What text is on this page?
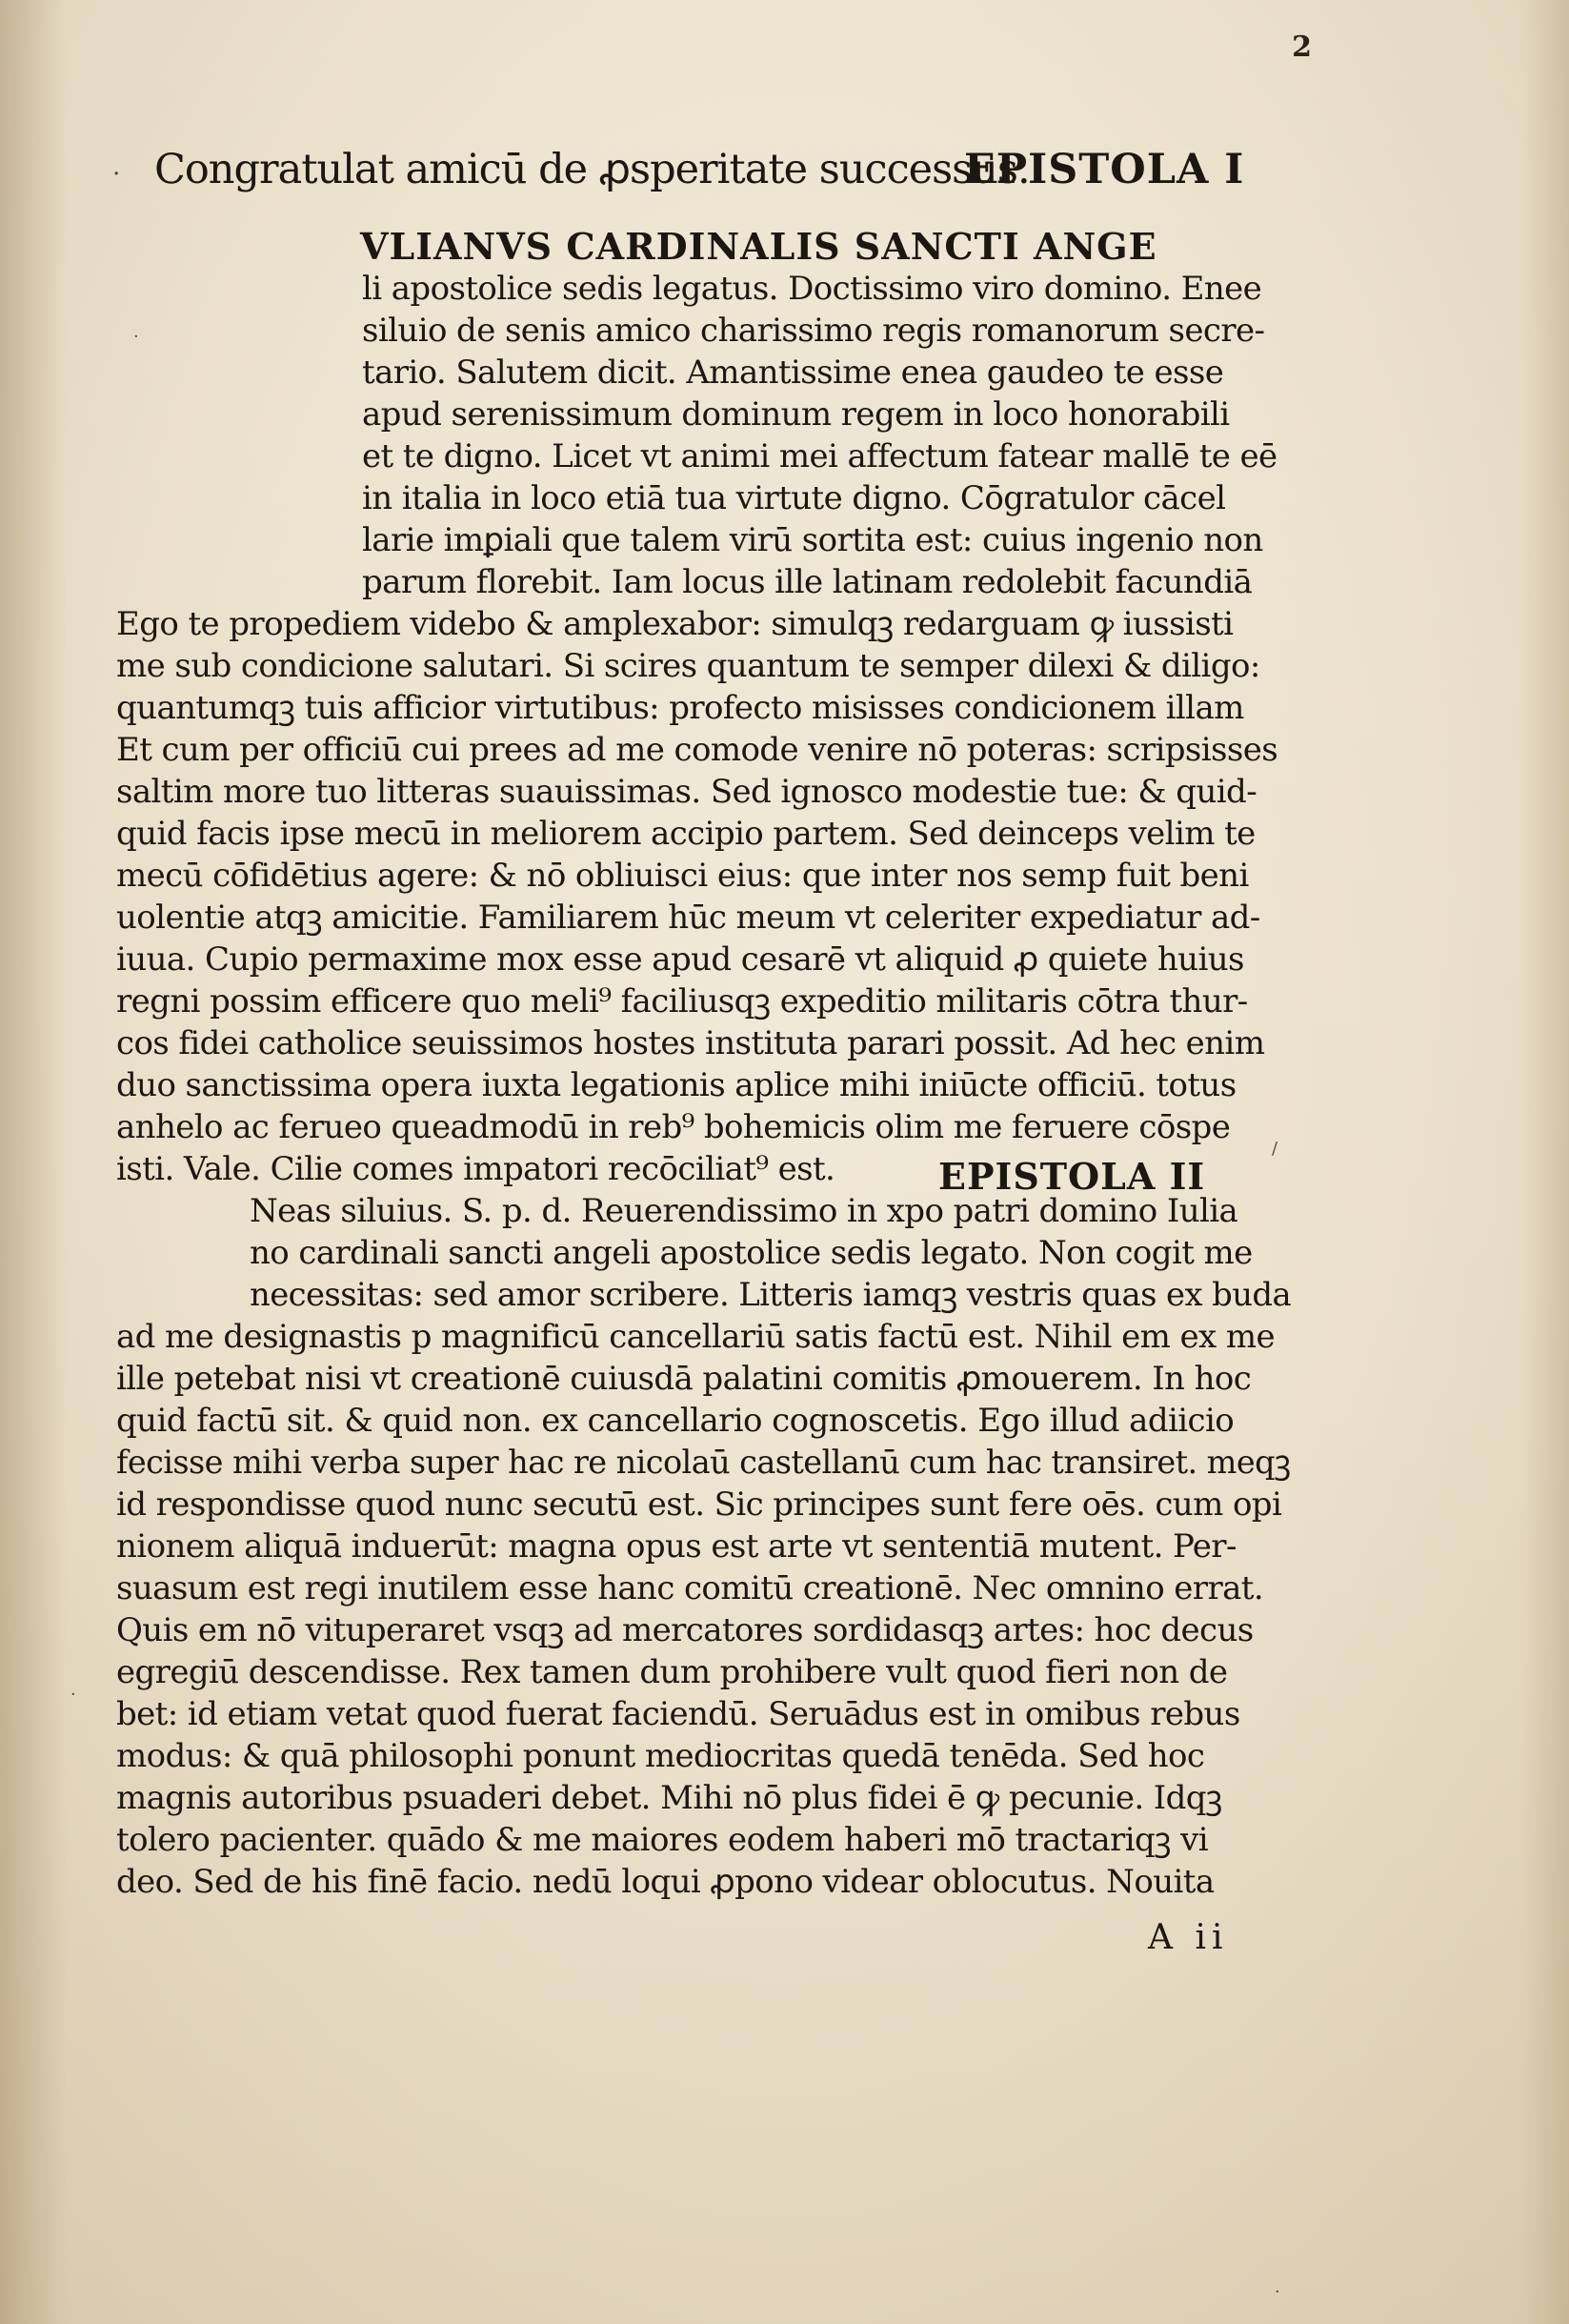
2
· Congratulat amicū de ꝓsperitate successus.
EPISTOLA I
VLIANVS CARDINALIS SANCTI ANGE
li apostolice sedis legatus. Doctissimo viro domino. Enee
siluio de senis amico charissimo regis romanorum secre-
tario. Salutem dicit. Amantissime enea gaudeo te esse
apud serenissimum dominum regem in loco honorabili
et te digno. Licet vt animi mei affectum fatear mallē te eē
in italia in loco etiā tua virtute digno. Cōgratulor cācel
larie imꝑiali que talem virū sortita est: cuius ingenio non
parum florebit. Iam locus ille latinam redolebit facundiā
Ego te propediem videbo & amplexabor: simulqꝫ redarguam ꝙ iussisti
me sub condicione salutari. Si scires quantum te semper dilexi & diligo:
quantumqꝫ tuis afficior virtutibus: profecto misisses condicionem illam
Et cum per officiū cui prees ad me comode venire nō poteras: scripsisses
saltim more tuo litteras suauissimas. Sed ignosco modestie tue: & quid-
quid facis ipse mecū in meliorem accipio partem. Sed deinceps velim te
mecū cōfidētius agere: & nō obliuisci eius: que inter nos semp fuit beni
uolentie atqꝫ amicitie. Familiarem hūc meum vt celeriter expediatur ad-
iuua. Cupio permaxime mox esse apud cesarē vt aliquid ꝓ quiete huius
regni possim efficere quo meli⁹ faciliusqꝫ expeditio militaris cōtra thur-
cos fidei catholice seuissimos hostes instituta parari possit. Ad hec enim
duo sanctissima opera iuxta legationis aplice mihi iniūcte officiū. totus
anhelo ac ferueo queadmodū in reb⁹ bohemicis olim me feruere cōspe
isti. Vale. Cilie comes impatori recōciliat⁹ est.	EPISTOLA II
Neas siluius. S. p. d. Reuerendissimo in xpo patri domino Iulia
no cardinali sancti angeli apostolice sedis legato. Non cogit me
necessitas: sed amor scribere. Litteris iamqꝫ vestris quas ex buda
ad me designastis p magnificū cancellariū satis factū est. Nihil em ex me
ille petebat nisi vt creationē cuiusdā palatini comitis ꝓmouerem. In hoc
quid factū sit. & quid non. ex cancellario cognoscetis. Ego illud adiicio
fecisse mihi verba super hac re nicolaū castellanū cum hac transiret. meqꝫ
id respondisse quod nunc secutū est. Sic principes sunt fere oēs. cum opi
nionem aliquā induerūt: magna opus est arte vt sententiā mutent. Per-
suasum est regi inutilem esse hanc comitū creationē. Nec omnino errat.
Quis em nō vituperaret vsqꝫ ad mercatores sordidasqꝫ artes: hoc decus
egregiū descendisse. Rex tamen dum prohibere vult quod fieri non de
bet: id etiam vetat quod fuerat faciendū. Seruādus est in omibus rebus
modus: & quā philosophi ponunt mediocritas quedā tenēda. Sed hoc
magnis autoribus psuaderi debet. Mihi nō plus fidei ē ꝙ pecunie. Idqꝫ
tolero pacienter. quādo & me maiores eodem haberi mō tractariqꝫ vi
deo. Sed de his finē facio. nedū loqui ꝓpono videar oblocutus. Nouita
A ii
·
/
·
·
